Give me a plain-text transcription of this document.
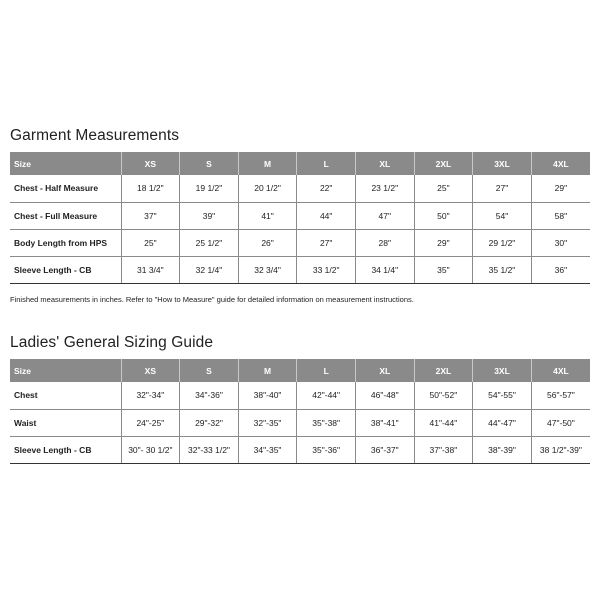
Garment Measurements
Size	XS	S	M	L	XL	2XL	3XL	4XL
Chest - Half Measure	18 1/2"	19 1/2"	20 1/2"	22"	23 1/2"	25"	27"	29"
Chest - Full Measure	37"	39"	41"	44"	47"	50"	54"	58"
Body Length from HPS	25"	25 1/2"	26"	27"	28"	29"	29 1/2"	30"
Sleeve Length - CB	31 3/4"	32 1/4"	32 3/4"	33 1/2"	34 1/4"	35"	35 1/2"	36"

Finished measurements in inches. Refer to "How to Measure" guide for detailed information on measurement instructions.

Ladies' General Sizing Guide
Size	XS	S	M	L	XL	2XL	3XL	4XL
Chest	32"-34"	34"-36"	38"-40"	42"-44"	46"-48"	50"-52"	54"-55"	56"-57"
Waist	24"-25"	29"-32"	32"-35"	35"-38"	38"-41"	41"-44"	44"-47"	47"-50"
Sleeve Length - CB	30"- 30 1/2"	32"-33 1/2"	34"-35"	35"-36"	36"-37"	37"-38"	38"-39"	38 1/2"-39"
